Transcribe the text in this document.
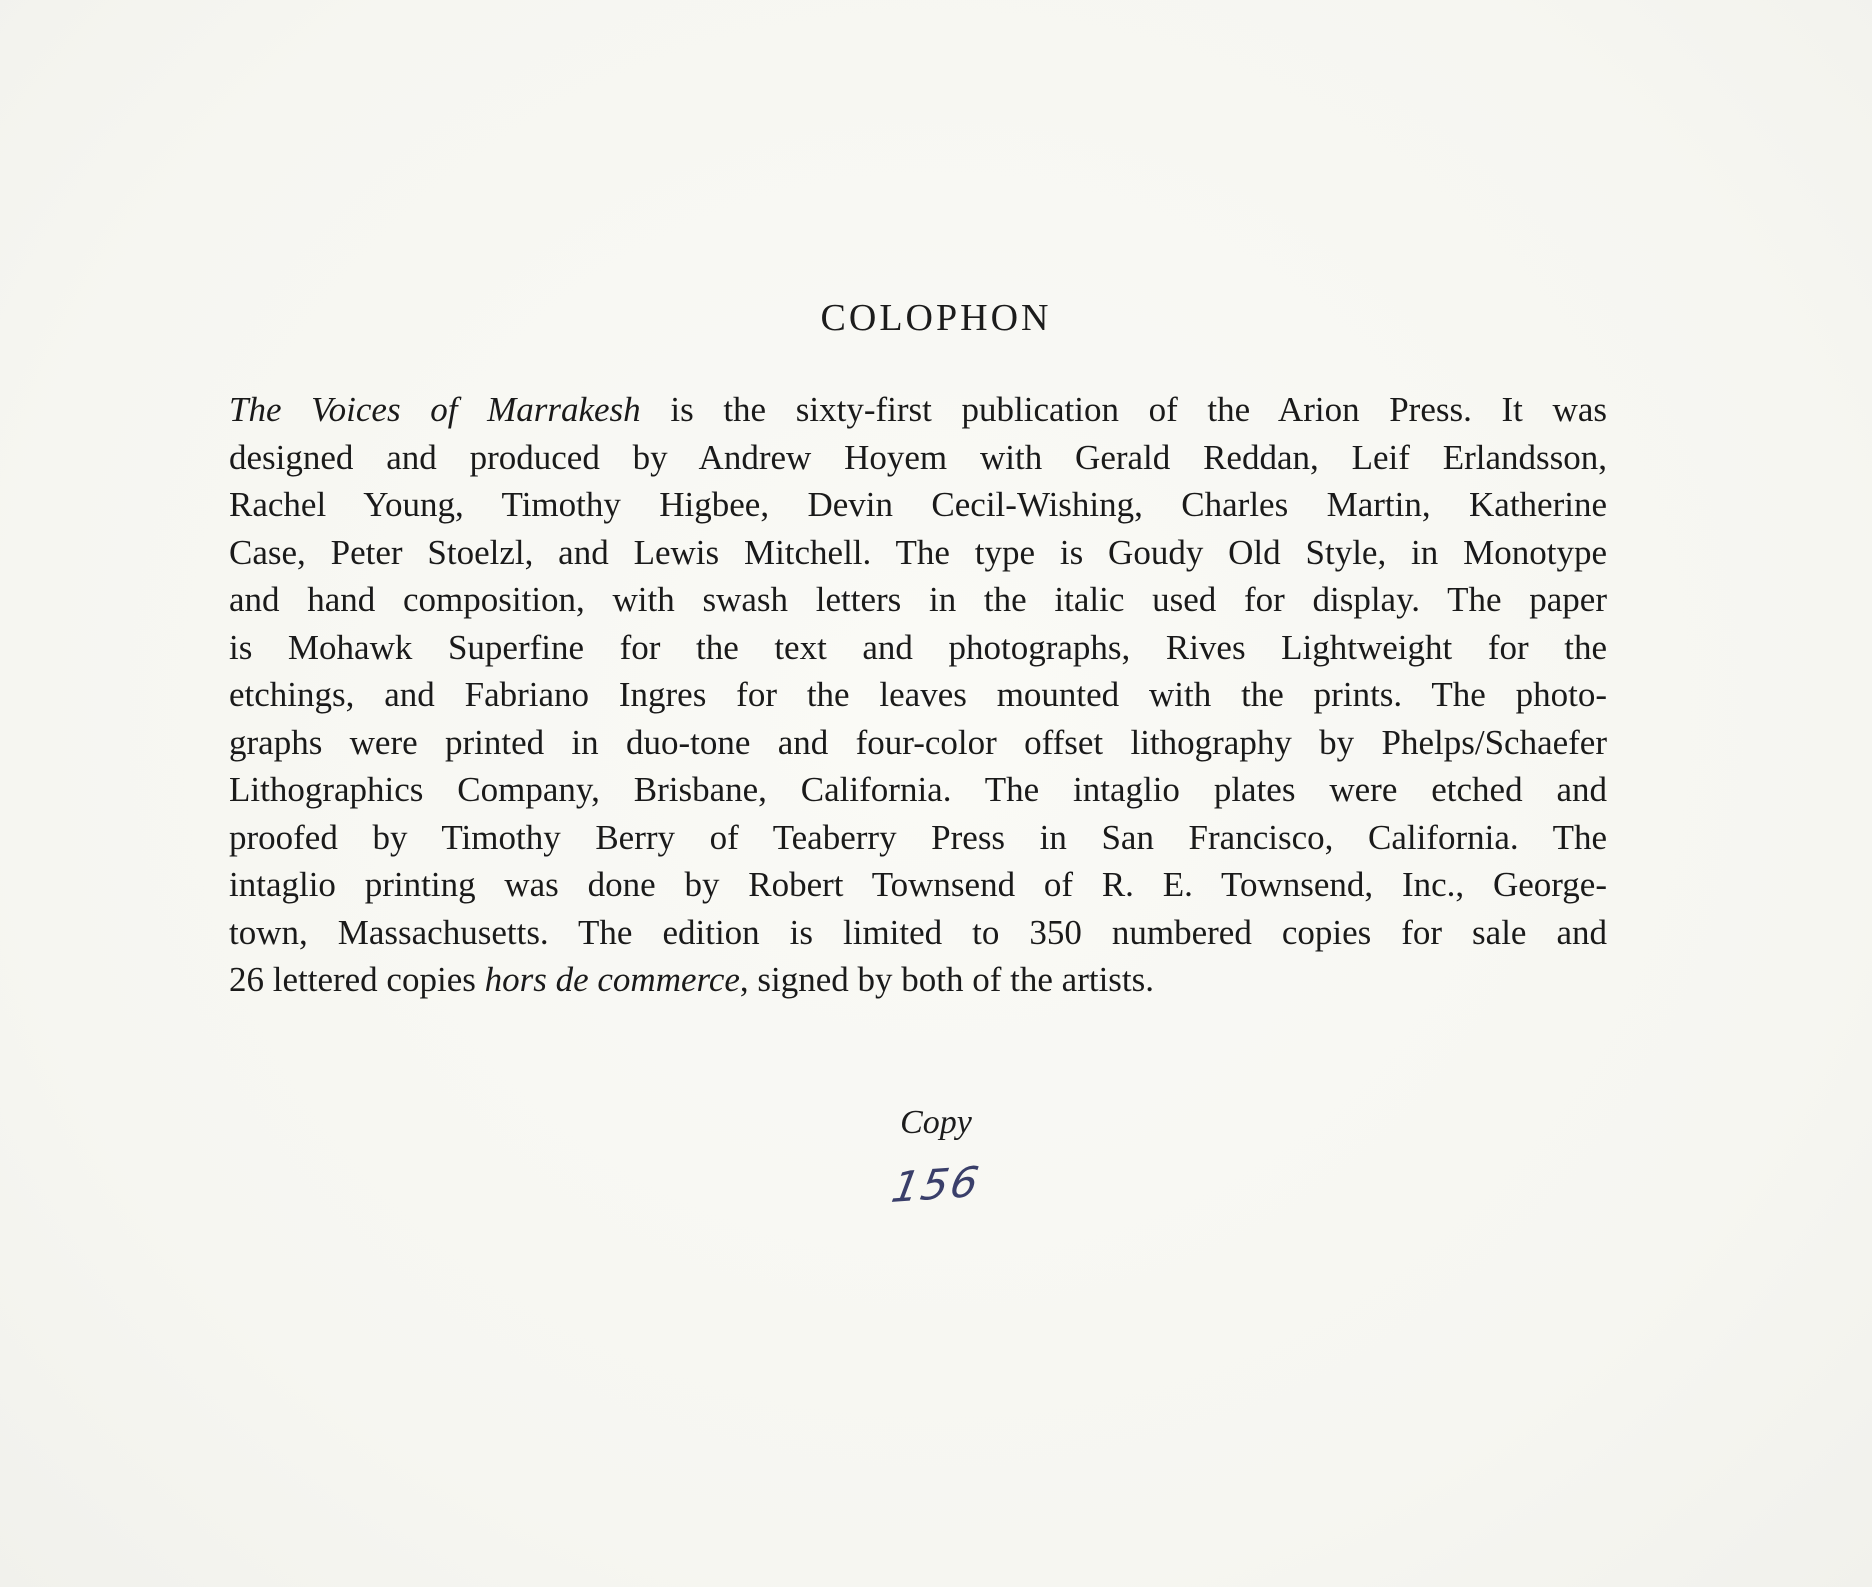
COLOPHON
The Voices of Marrakesh is the sixty-first publication of the Arion Press. It was
designed and produced by Andrew Hoyem with Gerald Reddan, Leif Erlandsson,
Rachel Young, Timothy Higbee, Devin Cecil-Wishing, Charles Martin, Katherine
Case, Peter Stoelzl, and Lewis Mitchell. The type is Goudy Old Style, in Monotype
and hand composition, with swash letters in the italic used for display. The paper
is Mohawk Superfine for the text and photographs, Rives Lightweight for the
etchings, and Fabriano Ingres for the leaves mounted with the prints. The photo-
graphs were printed in duo-tone and four-color offset lithography by Phelps/Schaefer
Lithographics Company, Brisbane, California. The intaglio plates were etched and
proofed by Timothy Berry of Teaberry Press in San Francisco, California. The
intaglio printing was done by Robert Townsend of R. E. Townsend, Inc., George-
town, Massachusetts. The edition is limited to 350 numbered copies for sale and
26 lettered copies hors de commerce, signed by both of the artists.
Copy
156
